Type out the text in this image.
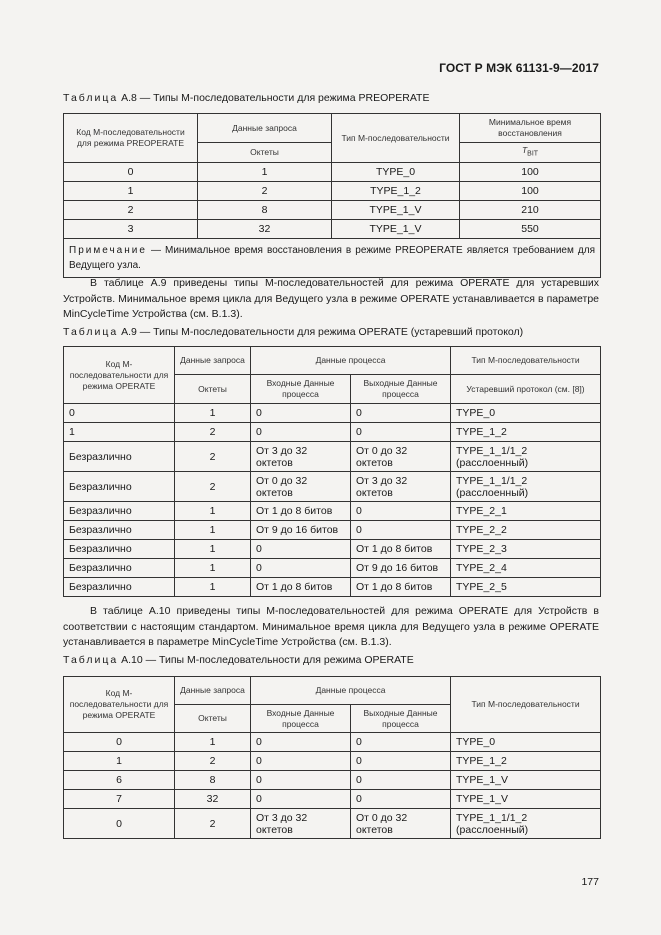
ГОСТ Р МЭК 61131-9—2017
Таблица А.8 — Типы М-последовательности для режима PREOPERATE
Код М-последовательности для режима PREOPERATE	Данные запроса	Тип М-последовательности	Минимальное время восстановления
	Октеты		$T_{BIT}$
0	1	TYPE_0	100
1	2	TYPE_1_2	100
2	8	TYPE_1_V	210
3	32	TYPE_1_V	550
Примечание — Минимальное время восстановления в режиме PREOPERATE является требованием для Ведущего узла.			
В таблице А.9 приведены типы М-последовательностей для режима OPERATE для устаревших Устройств. Минимальное время цикла для Ведущего узла в режиме OPERATE устанавливается в параметре MinCycleTime Устройства (см. В.1.3).
Таблица А.9 — Типы М-последовательности для режима OPERATE (устаревший протокол)
Код М-последовательности для режима OPERATE	Данные запроса	Данные процесса		Тип М-последовательности
	Октеты	Входные Данные процесса	Выходные Данные процесса	Устаревший протокол (см. [8])
0	1	0	0	TYPE_0
1	2	0	0	TYPE_1_2
Безразлично	2	От 3 до 32 октетов	От 0 до 32 октетов	TYPE_1_1/1_2 (расслоенный)
Безразлично	2	От 0 до 32 октетов	От 3 до 32 октетов	TYPE_1_1/1_2 (расслоенный)
Безразлично	1	От 1 до 8 битов	0	TYPE_2_1
Безразлично	1	От 9 до 16 битов	0	TYPE_2_2
Безразлично	1	0	От 1 до 8 битов	TYPE_2_3
Безразлично	1	0	От 9 до 16 битов	TYPE_2_4
Безразлично	1	От 1 до 8 битов	От 1 до 8 битов	TYPE_2_5
В таблице А.10 приведены типы М-последовательностей для режима OPERATE для Устройств в соответствии с настоящим стандартом. Минимальное время цикла для Ведущего узла в режиме OPERATE устанавливается в параметре MinCycleTime Устройства (см. В.1.3).
Таблица А.10 — Типы М-последовательности для режима OPERATE
Код М-последовательности для режима OPERATE	Данные запроса	Данные процесса		Тип М-последовательности
	Октеты	Входные Данные процесса	Выходные Данные процесса	
0	1	0	0	TYPE_0
1	2	0	0	TYPE_1_2
6	8	0	0	TYPE_1_V
7	32	0	0	TYPE_1_V
0	2	От 3 до 32 октетов	От 0 до 32 октетов	TYPE_1_1/1_2 (расслоенный)
177
